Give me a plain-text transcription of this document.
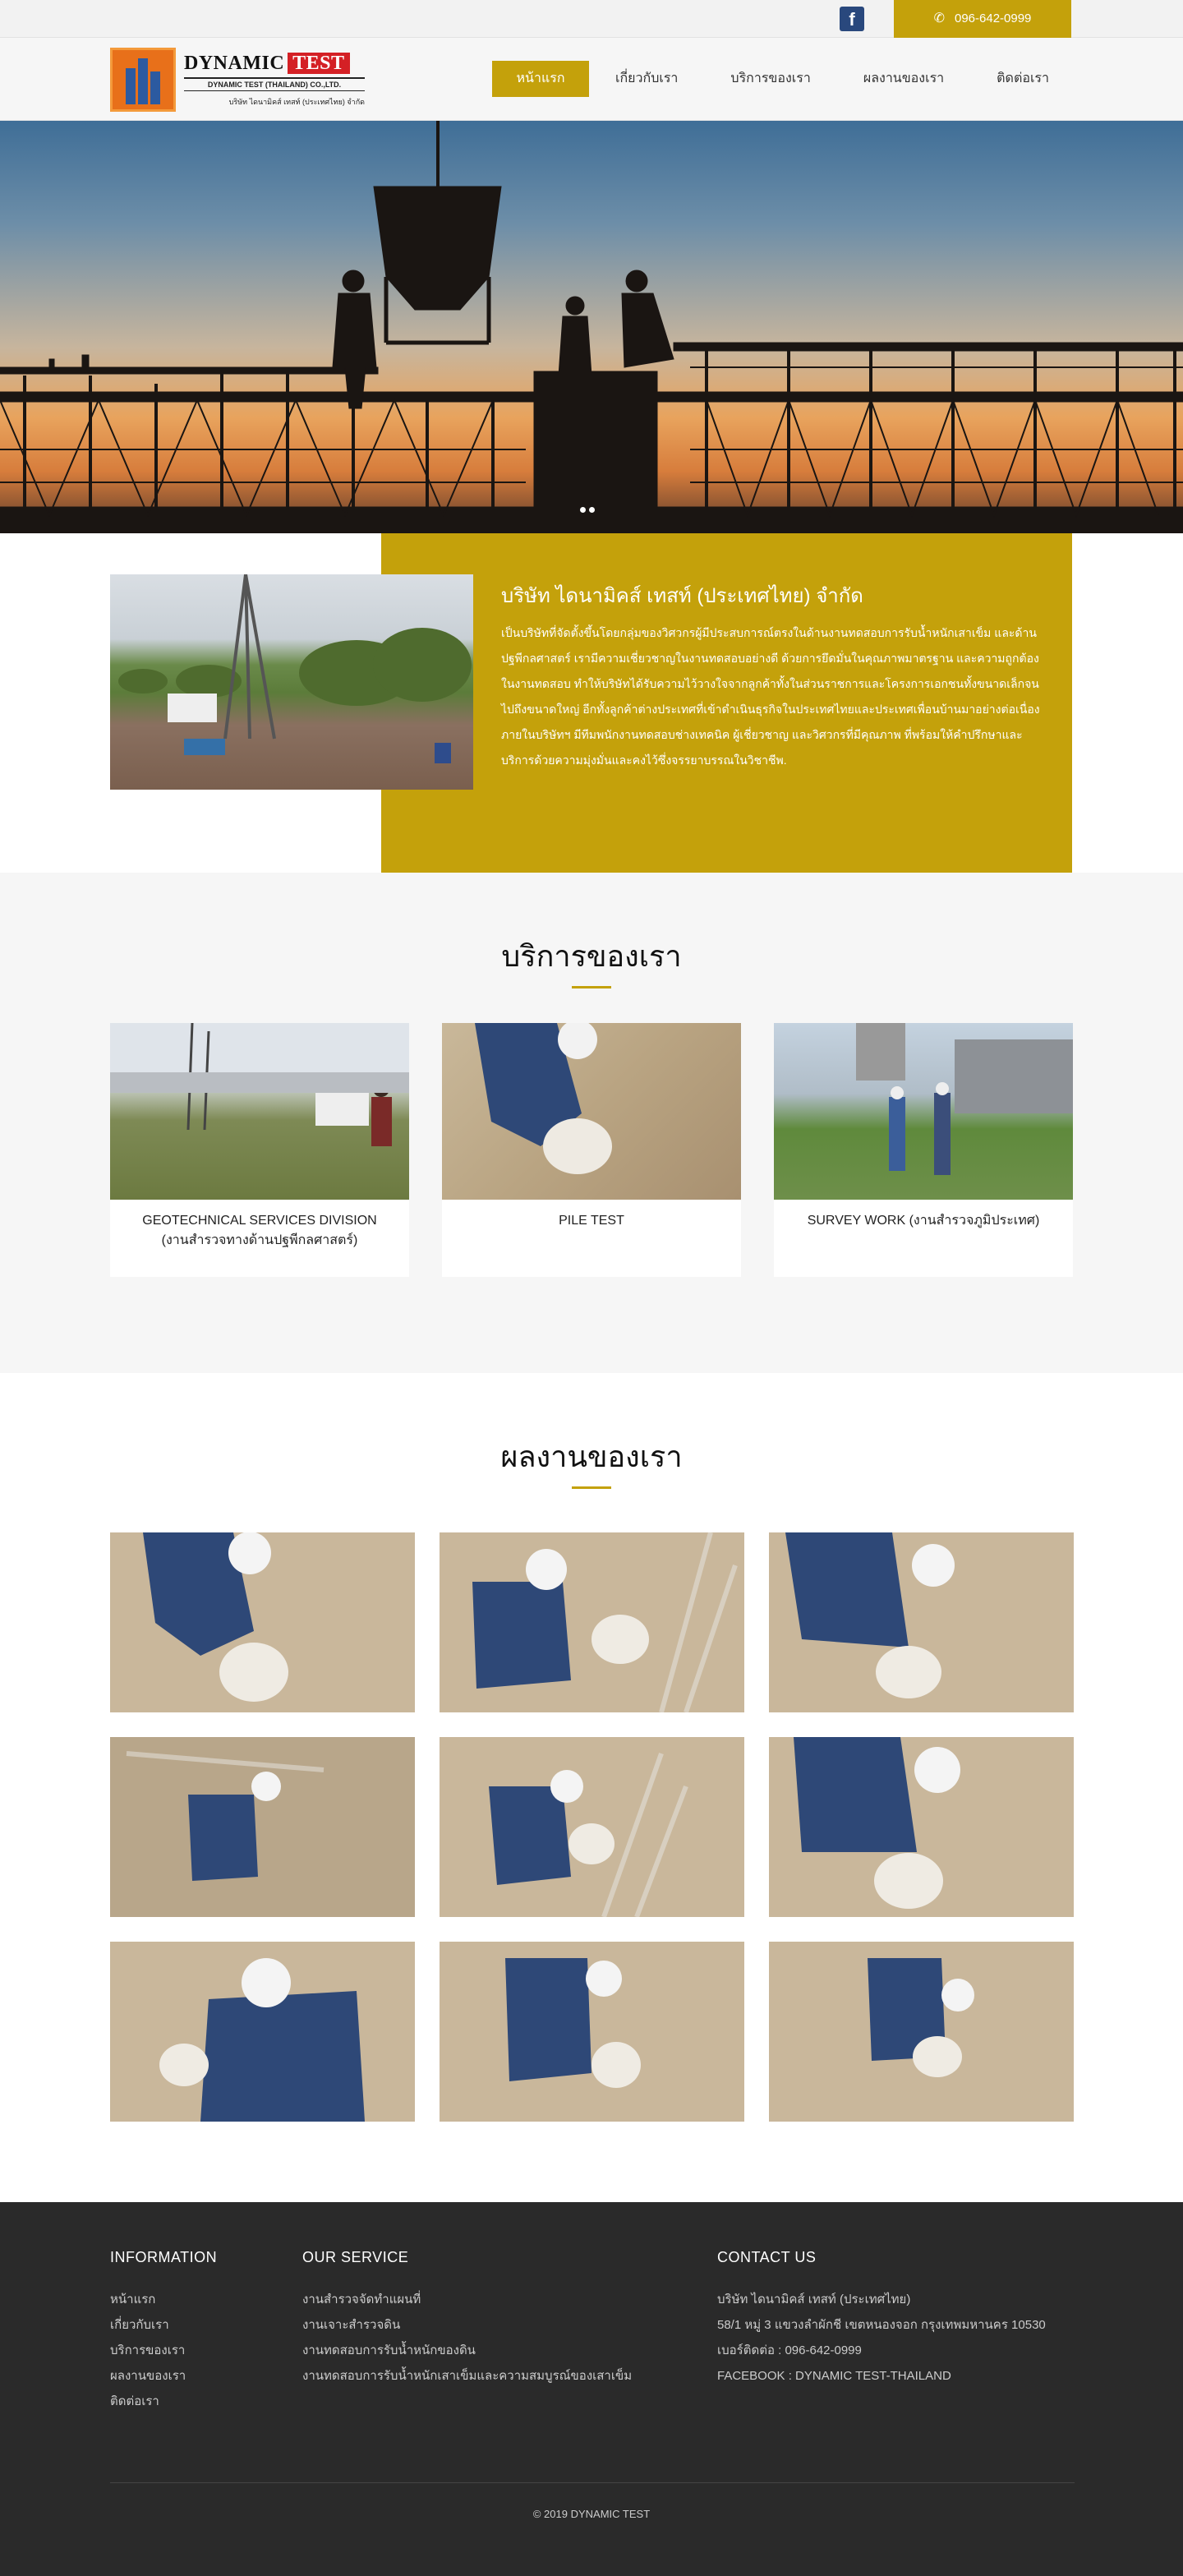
f	✆ 096-642-0999
DYNAMIC TEST
DYNAMIC TEST (THAILAND) CO.,LTD.
บริษัท ไดนามิคส์ เทสท์ (ประเทศไทย) จำกัด
หน้าแรก	เกี่ยวกับเรา	บริการของเรา	ผลงานของเรา	ติดต่อเรา
บริษัท ไดนามิคส์ เทสท์ (ประเทศไทย) จำกัด

เป็นบริษัทที่จัดตั้งขึ้นโดยกลุ่มของวิศวกรผู้มีประสบการณ์ตรงในด้านงานทดสอบการรับน้ำหนักเสาเข็ม และด้านปฐพีกลศาสตร์ เรามีความเชี่ยวชาญในงานทดสอบอย่างดี ด้วยการยึดมั่นในคุณภาพมาตรฐาน และความถูกต้องในงานทดสอบ ทำให้บริษัทได้รับความไว้วางใจจากลูกค้าทั้งในส่วนราชการและโครงการเอกชนทั้งขนาดเล็กจนไปถึงขนาดใหญ่ อีกทั้งลูกค้าต่างประเทศที่เข้าดำเนินธุรกิจในประเทศไทยและประเทศเพื่อนบ้านมาอย่างต่อเนื่องภายในบริษัทฯ มีทีมพนักงานทดสอบช่างเทคนิค ผู้เชี่ยวชาญ และวิศวกรที่มีคุณภาพ ที่พร้อมให้คำปรึกษาและบริการด้วยความมุ่งมั่นและคงไว้ซึ่งจรรยาบรรณในวิชาชีพ.

บริการของเรา
GEOTECHNICAL SERVICES DIVISION
(งานสำรวจทางด้านปฐพีกลศาสตร์)
PILE TEST	SURVEY WORK (งานสำรวจภูมิประเทศ)
ผลงานของเรา
INFORMATION
หน้าแรก
เกี่ยวกับเรา
บริการของเรา
ผลงานของเรา
ติดต่อเรา
OUR SERVICE
งานสำรวจจัดทำแผนที่
งานเจาะสำรวจดิน
งานทดสอบการรับน้ำหนักของดิน
งานทดสอบการรับน้ำหนักเสาเข็มและความสมบูรณ์ของเสาเข็ม
CONTACT US
บริษัท ไดนามิคส์ เทสท์ (ประเทศไทย)
58/1 หมู่ 3 แขวงลำผักชี เขตหนองจอก กรุงเทพมหานคร 10530
เบอร์ติดต่อ : 096-642-0999
FACEBOOK : DYNAMIC TEST-THAILAND
© 2019 DYNAMIC TEST
